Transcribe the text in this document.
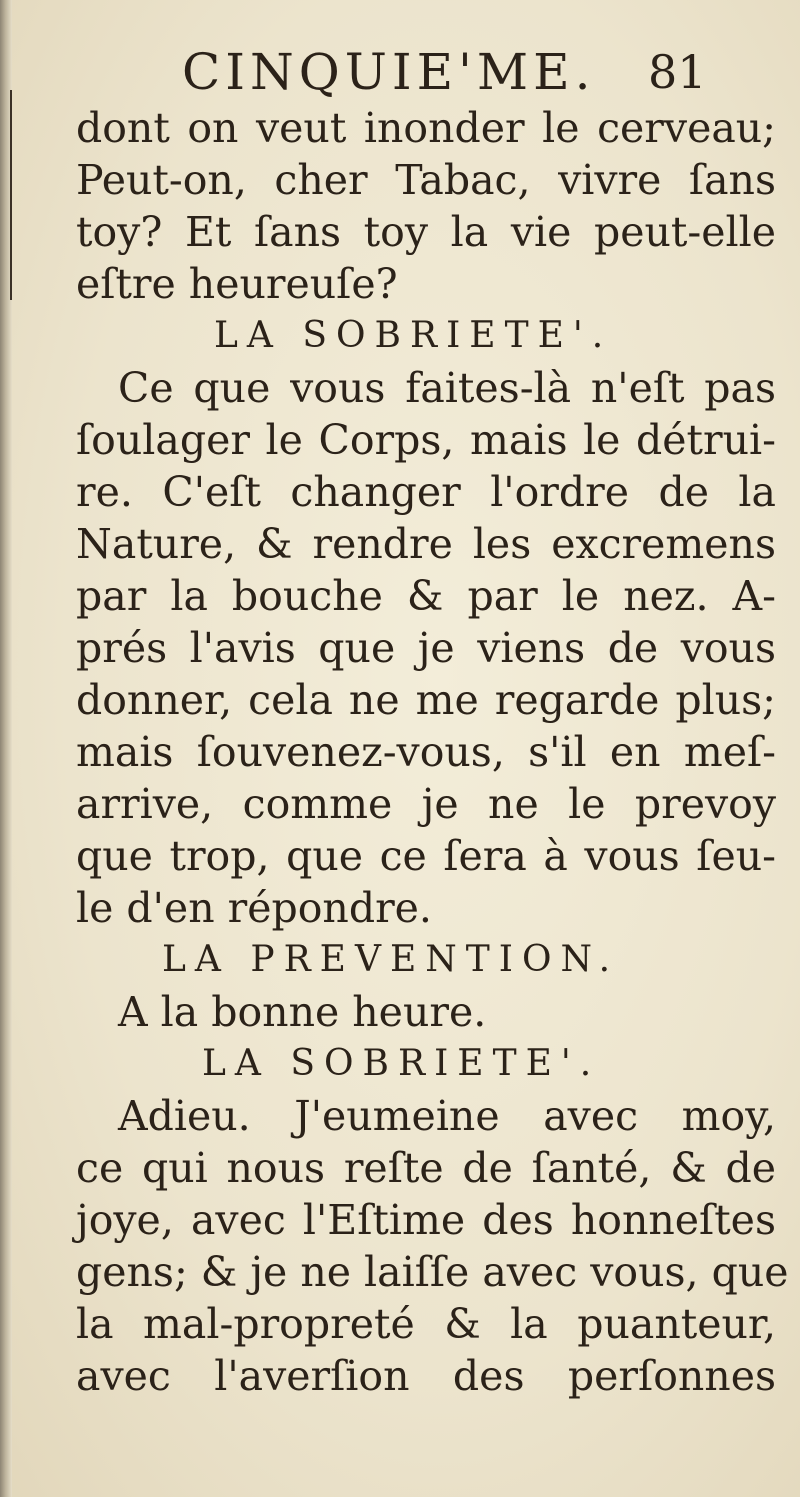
CINQUIE'ME. 81
dont on veut inonder le cerveau;
Peut-on, cher Tabac, vivre ſans
toy? Et ſans toy la vie peut-elle
eſtre heureuſe?
LA SOBRIETE'.
Ce que vous faites-là n'eſt pas
ſoulager le Corps, mais le détrui-
re. C'eſt changer l'ordre de la
Nature, & rendre les excremens
par la bouche & par le nez. A-
prés l'avis que je viens de vous
donner, cela ne me regarde plus;
mais ſouvenez-vous, s'il en meſ-
arrive, comme je ne le prevoy
que trop, que ce ſera à vous ſeu-
le d'en répondre.
LA PREVENTION.
A la bonne heure.
LA SOBRIETE'.
Adieu. J'eumeine avec moy,
ce qui nous reſte de ſanté, & de
joye, avec l'Eſtime des honneſtes
gens; & je ne laiſſe avec vous, que
la mal-propreté & la puanteur,
avec l'averſion des perſonnes
